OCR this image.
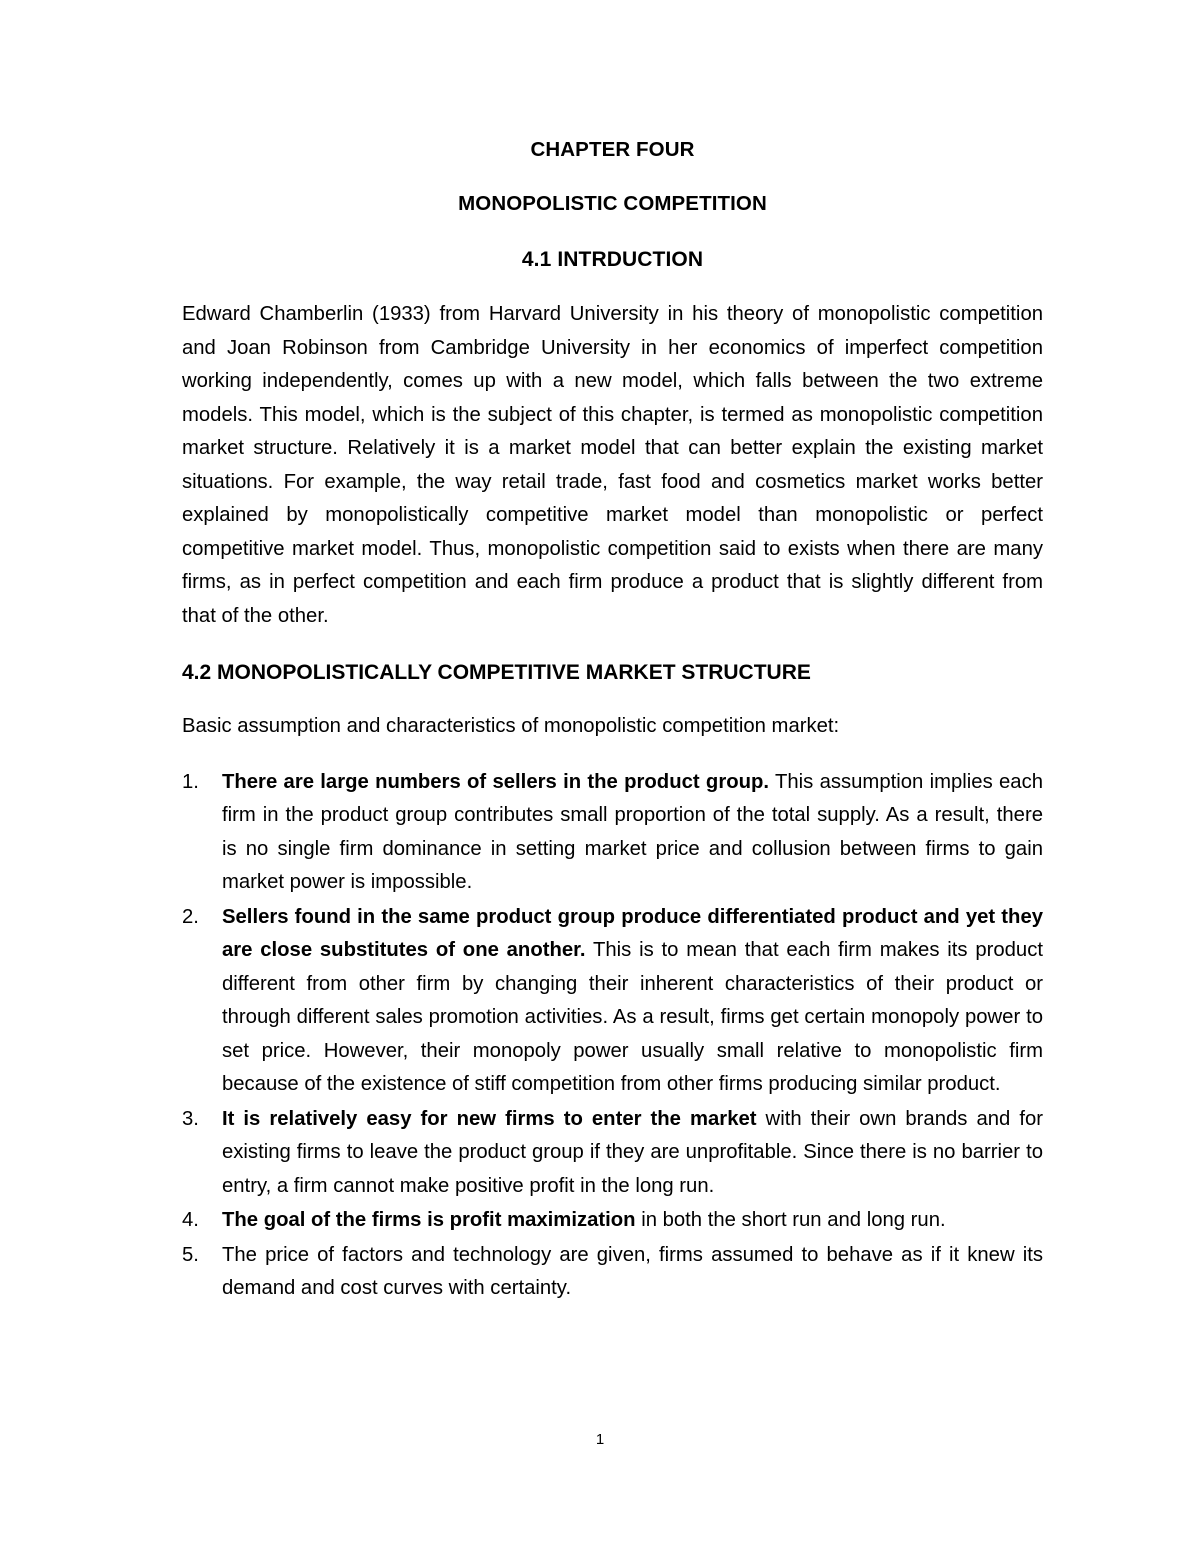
CHAPTER FOUR
MONOPOLISTIC COMPETITION
4.1 INTRDUCTION

Edward Chamberlin (1933) from Harvard University in his theory of monopolistic competition and Joan Robinson from Cambridge University in her economics of imperfect competition working independently, comes up with a new model, which falls between the two extreme models. This model, which is the subject of this chapter, is termed as monopolistic competition market structure. Relatively it is a market model that can better explain the existing market situations. For example, the way retail trade, fast food and cosmetics market works better explained by monopolistically competitive market model than monopolistic or perfect competitive market model. Thus, monopolistic competition said to exists when there are many firms, as in perfect competition and each firm produce a product that is slightly different from that of the other.

4.2 MONOPOLISTICALLY COMPETITIVE MARKET STRUCTURE

Basic assumption and characteristics of monopolistic competition market:

There are large numbers of sellers in the product group. This assumption implies each firm in the product group contributes small proportion of the total supply. As a result, there is no single firm dominance in setting market price and collusion between firms to gain market power is impossible.
Sellers found in the same product group produce differentiated product and yet they are close substitutes of one another. This is to mean that each firm makes its product different from other firm by changing their inherent characteristics of their product or through different sales promotion activities. As a result, firms get certain monopoly power to set price. However, their monopoly power usually small relative to monopolistic firm because of the existence of stiff competition from other firms producing similar product.
It is relatively easy for new firms to enter the market with their own brands and for existing firms to leave the product group if they are unprofitable. Since there is no barrier to entry, a firm cannot make positive profit in the long run.
The goal of the firms is profit maximization in both the short run and long run.
The price of factors and technology are given, firms assumed to behave as if it knew its demand and cost curves with certainty.
1
